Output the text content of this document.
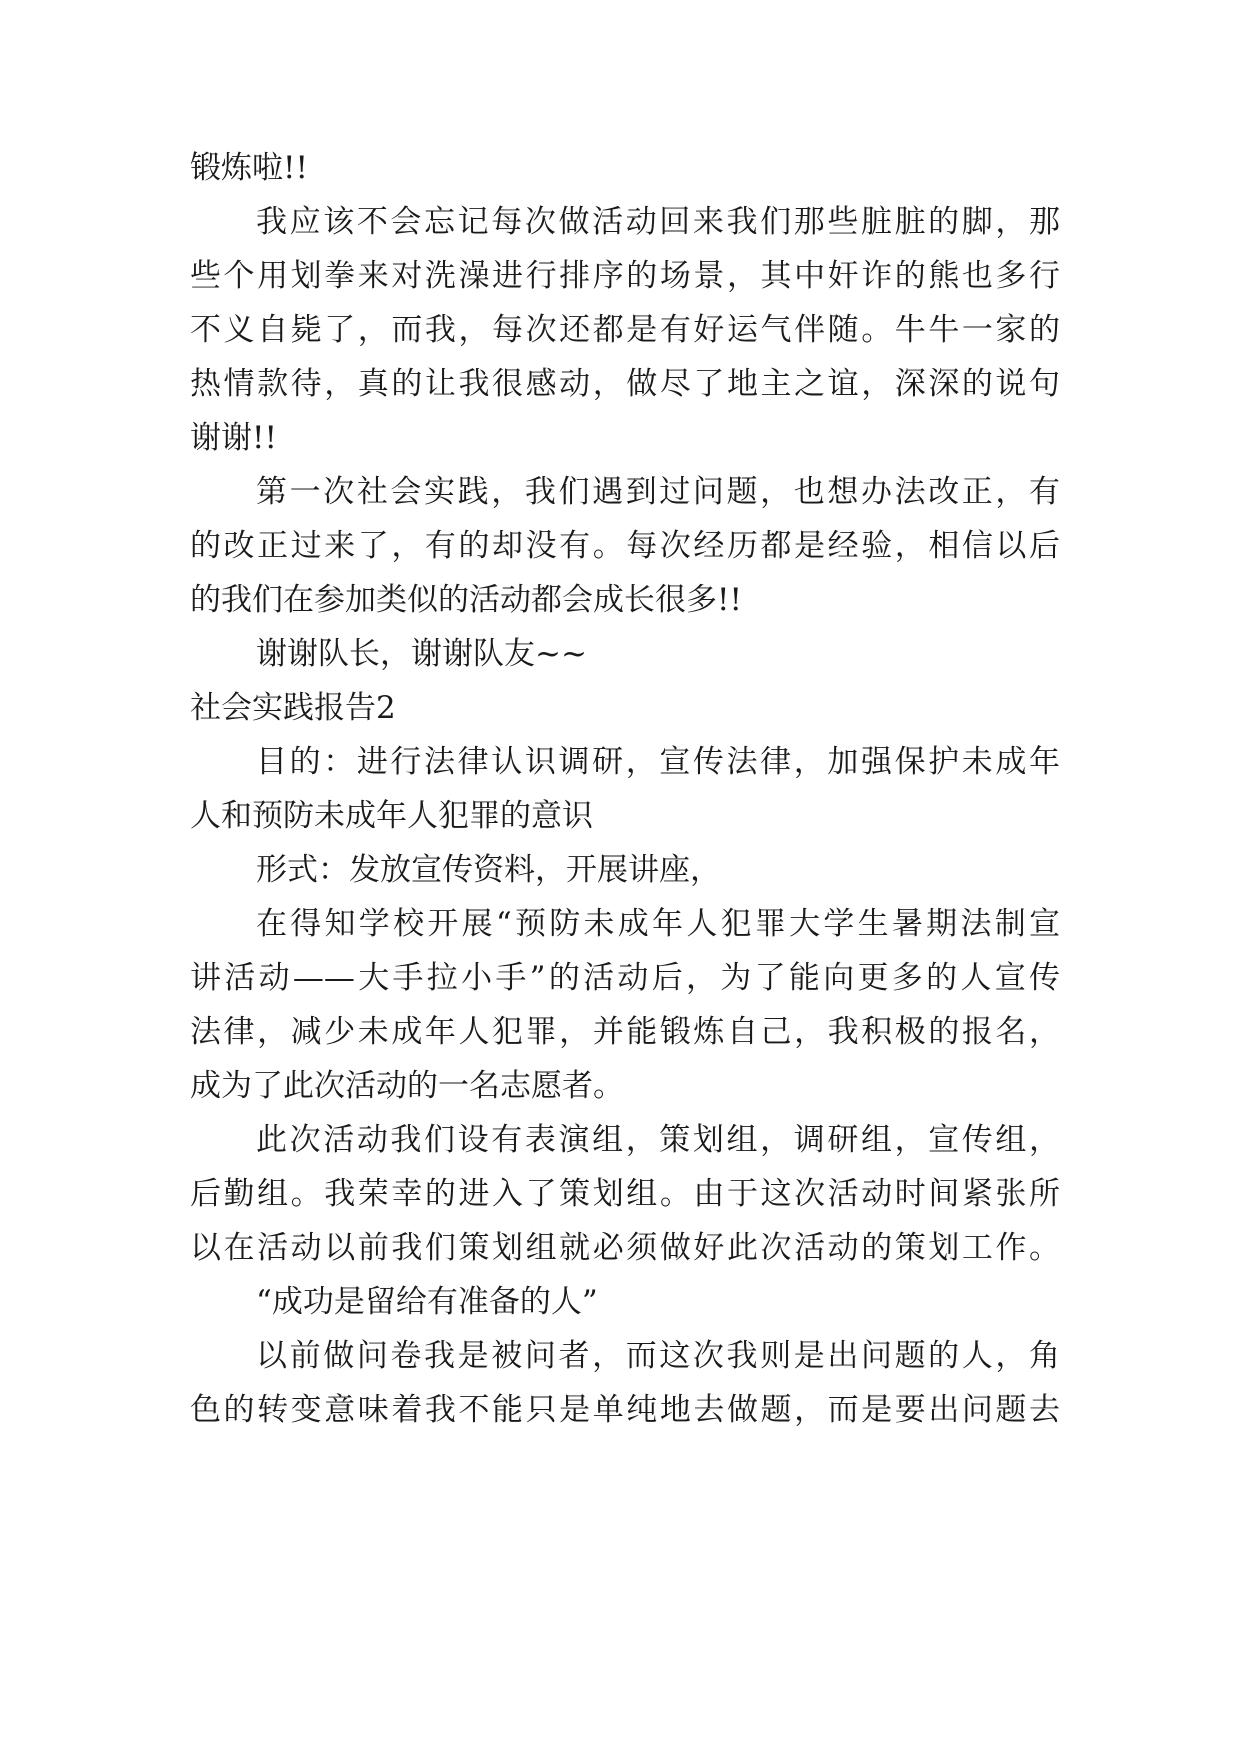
锻炼啦!!
我应该不会忘记每次做活动回来我们那些脏脏的脚，那
些个用划拳来对洗澡进行排序的场景，其中奸诈的熊也多行
不义自毙了，而我，每次还都是有好运气伴随。牛牛一家的
热情款待，真的让我很感动，做尽了地主之谊，深深的说句
谢谢!!
第一次社会实践，我们遇到过问题，也想办法改正，有
的改正过来了，有的却没有。每次经历都是经验，相信以后
的我们在参加类似的活动都会成长很多!!
谢谢队长，谢谢队友~~
社会实践报告2
目的：进行法律认识调研，宣传法律，加强保护未成年
人和预防未成年人犯罪的意识
形式：发放宣传资料，开展讲座，
在得知学校开展“预防未成年人犯罪大学生暑期法制宣
讲活动——大手拉小手”的活动后，为了能向更多的人宣传
法律，减少未成年人犯罪，并能锻炼自己，我积极的报名，
成为了此次活动的一名志愿者。
此次活动我们设有表演组，策划组，调研组，宣传组，
后勤组。我荣幸的进入了策划组。由于这次活动时间紧张所
以在活动以前我们策划组就必须做好此次活动的策划工作。
“成功是留给有准备的人”
以前做问卷我是被问者，而这次我则是出问题的人，角
色的转变意味着我不能只是单纯地去做题，而是要出问题去
